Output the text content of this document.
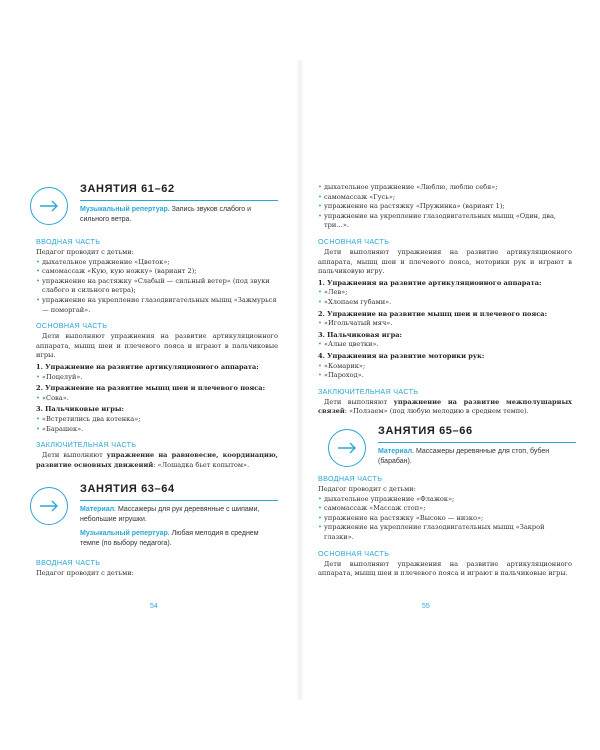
ЗАНЯТИЯ 61–62
Музыкальный репертуар. Запись звуков слабого и сильного ветра.
ВВОДНАЯ ЧАСТЬ
Педагог проводит с детьми:
• дыхательное упражнение «Цветок»;
• самомассаж «Кую, кую ножку» (вариант 2);
• упражнение на растяжку «Слабый — сильный ветер» (под звуки слабого и сильного ветра);
• упражнение на укрепление глазодвигательных мышц «Зажмурься — поморгай».
ОСНОВНАЯ ЧАСТЬ
Дети выполняют упражнения на развитие артикуляционного аппарата, мышц шеи и плечевого пояса и играют в пальчиковые игры.
1. Упражнение на развитие артикуляционного аппарата:
• «Поцелуй».
2. Упражнение на развитие мышц шеи и плечевого пояса:
• «Сова».
3. Пальчиковые игры:
• «Встретились два котенка»;
• «Барашек».
ЗАКЛЮЧИТЕЛЬНАЯ ЧАСТЬ
Дети выполняют упражнение на равновесие, координацию, развитие основных движений: «Лошадка бьет копытом».
ЗАНЯТИЯ 63–64
Материал. Массажеры для рук деревянные с шипами, небольшие игрушки.
Музыкальный репертуар. Любая мелодия в среднем темпе (по выбору педагога).
ВВОДНАЯ ЧАСТЬ
Педагог проводит с детьми:
54
• дыхательное упражнение «Люблю, люблю себя»;
• самомассаж «Гусь»;
• упражнение на растяжку «Пружинка» (вариант 1);
• упражнение на укрепление глазодвигательных мышц «Один, два, три…».
ОСНОВНАЯ ЧАСТЬ
Дети выполняют упражнения на развитие артикуляционного аппарата, мышц шеи и плечевого пояса, моторики рук и играют в пальчиковую игру.
1. Упражнения на развитие артикуляционного аппарата:
• «Лев»;
• «Хлопаем губами».
2. Упражнение на развитие мышц шеи и плечевого пояса:
• «Игольчатый мяч».
3. Пальчиковая игра:
• «Алые цветки».
4. Упражнения на развитие моторики рук:
• «Комарик»;
• «Пароход».
ЗАКЛЮЧИТЕЛЬНАЯ ЧАСТЬ
Дети выполняют упражнение на развитие межполушарных связей: «Ползаем» (под любую мелодию в среднем темпе).
ЗАНЯТИЯ 65–66
Материал. Массажеры деревянные для стоп, бубен (барабан).
ВВОДНАЯ ЧАСТЬ
Педагог проводит с детьми:
• дыхательное упражнение «Флажок»;
• самомассаж «Массаж стоп»;
• упражнение на растяжку «Высоко — низко»;
• упражнение на укрепление глазодвигательных мышц «Закрой глазки».
ОСНОВНАЯ ЧАСТЬ
Дети выполняют упражнения на развитие артикуляционного аппарата, мышц шеи и плечевого пояса и играют в пальчиковые игры.
55
